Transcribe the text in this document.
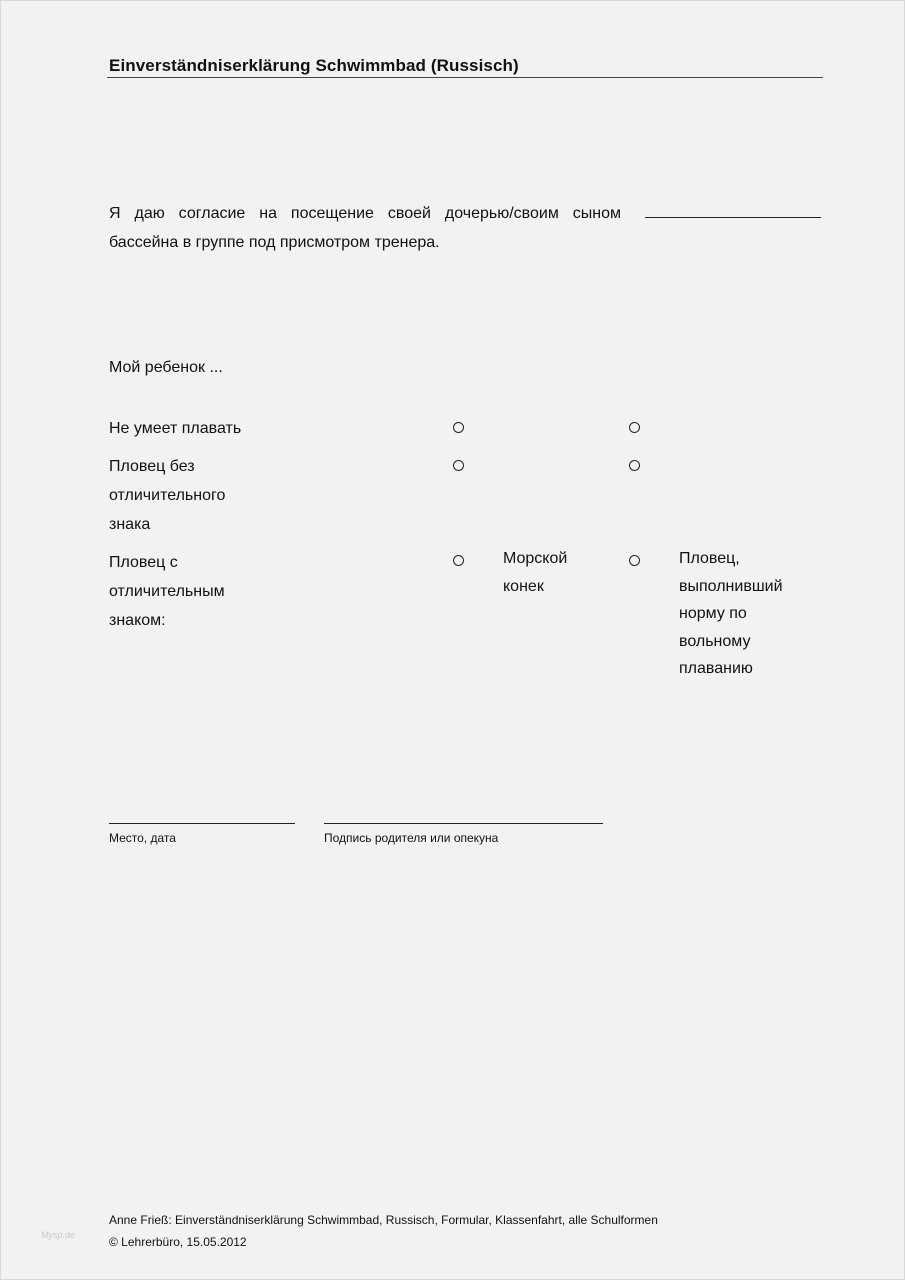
Einverständniserklärung Schwimmbad (Russisch)
Я даю согласие на посещение своей дочерью/своим сыном
бассейна в группе под присмотром тренера.
Мой ребенок ...
Не умеет плавать
Пловец без
отличительного
знака
Пловец с
отличительным
знаком:
Морской
конек
Пловец,
выполнивший
норму по
вольному
плаванию
Место, дата	Подпись родителя или опекуна
Anne Frieß: Einverständniserklärung Schwimmbad, Russisch, Formular, Klassenfahrt, alle Schulformen
© Lehrerbüro, 15.05.2012
Mysp.de
